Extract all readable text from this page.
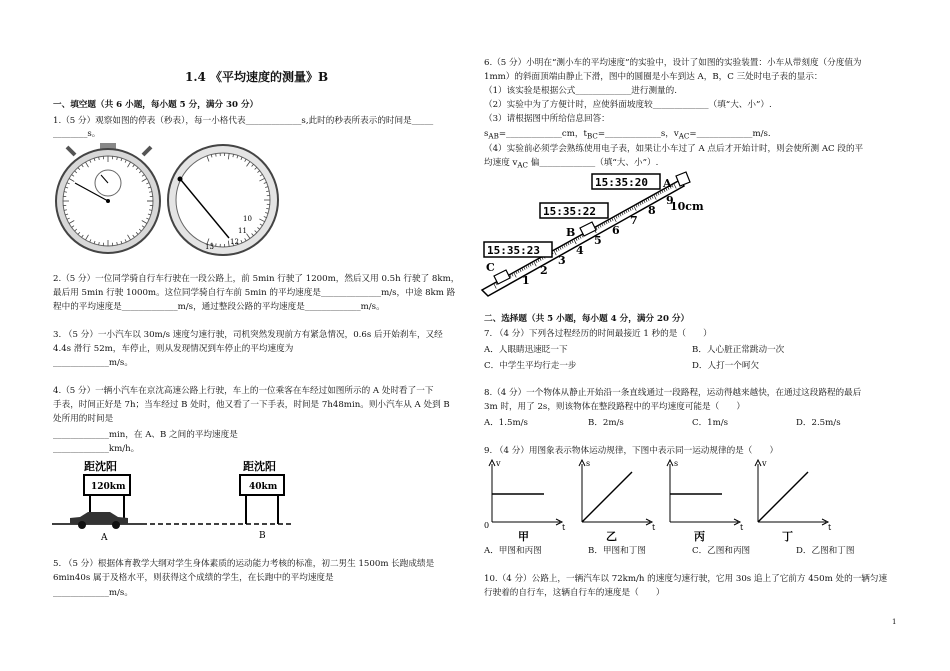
1.4 《平均速度的测量》B
一、填空题（共 6 小题，每小题 5 分，满分 30 分）
1.（5 分）观察如图的停表（秒表），每一小格代表_____________s,此时的秒表所表示的时间是_____
________s。
10
11
12
13
2.（5 分）一位同学骑自行车行驶在一段公路上，前 5min 行驶了 1200m，然后又用 0.5h 行驶了 8km，
最后用 5min 行驶 1000m。这位同学骑自行车前 5min 的平均速度是______________m/s，中途 8km 路
程中的平均速度是_____________m/s，通过整段公路的平均速度是_____________m/s。
3. （5 分）一小汽车以 30m/s 速度匀速行驶，司机突然发现前方有紧急情况，0.6s 后开始刹车，又经
4.4s 滑行 52m，车停止，则从发现情况到车停止的平均速度为
_____________m/s。
4.（5 分）一辆小汽车在京沈高速公路上行驶，车上的一位乘客在车经过如图所示的 A 处时看了一下
手表，时间正好是 7h；当车经过 B 处时，他又看了一下手表，时间是 7h48min。则小汽车从 A 处到 B
处所用的时间是
_____________min，在 A、B 之间的平均速度是
_____________km/h。
距沈阳
120km
距沈阳
40km
A	B
5. （5 分）根据体育教学大纲对学生身体素质的运动能力考核的标准，初二男生 1500m 长跑成绩是
6min40s 属于及格水平，则获得这个成绩的学生，在长跑中的平均速度是
_____________m/s。
6.（5 分）小明在“测小车的平均速度”的实验中，设计了如图的实验装置：小车从带刻度（分度值为
1mm）的斜面顶端由静止下滑，图中的圆圈是小车到达 A，B，C 三处时电子表的显示：
（1）该实验是根据公式_____________进行测量的.
（2）实验中为了方便计时，应使斜面坡度较_____________（填“大、小”）.
（3）请根据图中所给信息回答：
$s_{AB}=\_\_\_\_\_\_\_\_\_\_\_\_\_cm$，$t_{BC}=\_\_\_\_\_\_\_\_\_\_\_\_\_s$，$v_{AC}=\_\_\_\_\_\_\_\_\_\_\_\_\_m/s$.
（4）实验前必须学会熟练使用电子表，如果让小车过了 A 点后才开始计时，则会使所测 AC 段的平
均速度 $v_{AC}$ 偏_____________（填“大、小”）.
15:35:20 A
15:35:22
B
15:35:23
C
10cm
1
2
3
4
5
6
7
8
9
二、选择题（共 5 小题，每小题 4 分，满分 20 分）
7. （4 分）下列各过程经历的时间最接近 1 秒的是（　　）
A．人眼睛迅速眨一下	B．人心脏正常跳动一次
C．中学生平均行走一步	D．人打一个呵欠
8.（4 分）一个物体从静止开始沿一条直线通过一段路程，运动得越来越快，在通过这段路程的最后
3m 时，用了 2s，则该物体在整段路程中的平均速度可能是（　　）
A．1.5m/s	B．2m/s	C．1m/s	D．2.5m/s
9. （4 分）用图象表示物体运动规律，下图中表示同一运动规律的是（　　）
0
v
t
甲
s
t
乙
s
t
丙
v
t
丁
A．甲图和丙图	B．甲图和丁图	C．乙图和丙图	D．乙图和丁图
10.（4 分）公路上，一辆汽车以 72km/h 的速度匀速行驶，它用 30s 追上了它前方 450m 处的一辆匀速
行驶着的自行车，这辆自行车的速度是（　　）
1
